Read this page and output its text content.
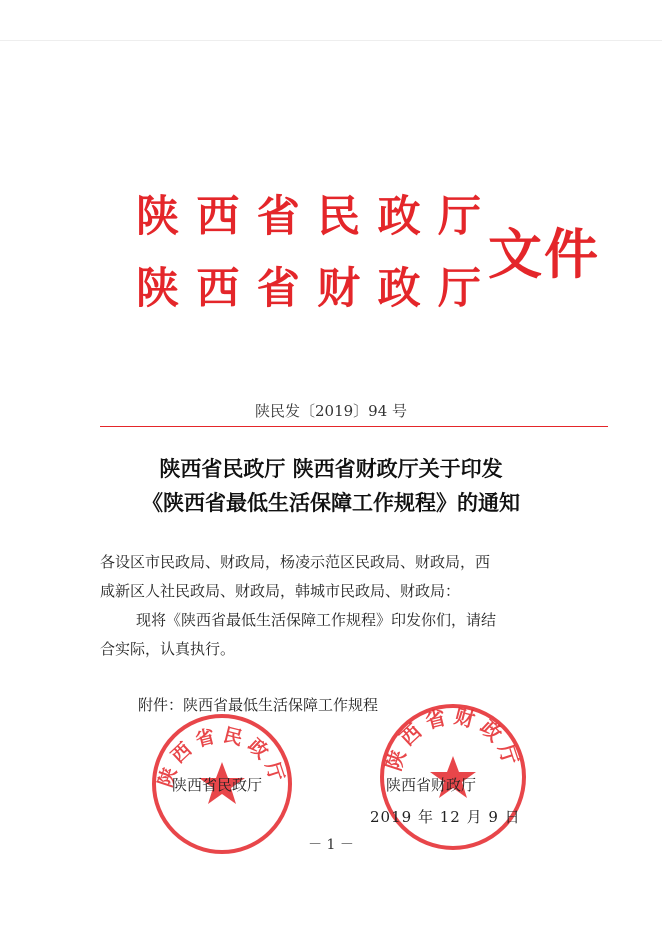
陕 西 省 民 政 厅
陕 西 省 财 政 厅
文件
陕民发〔2019〕94 号
陕西省民政厅 陕西省财政厅关于印发
《陕西省最低生活保障工作规程》的通知

各设区市民政局、财政局，杨凌示范区民政局、财政局，西

咸新区人社民政局、财政局，韩城市民政局、财政局：

现将《陕西省最低生活保障工作规程》印发你们，请结

合实际，认真执行。

附件：陕西省最低生活保障工作规程
陕西省民政厅
陕西省财政厅
陕西省民政厅	陕西省财政厅
2019 年 12 月 9 日
－ 1 －
